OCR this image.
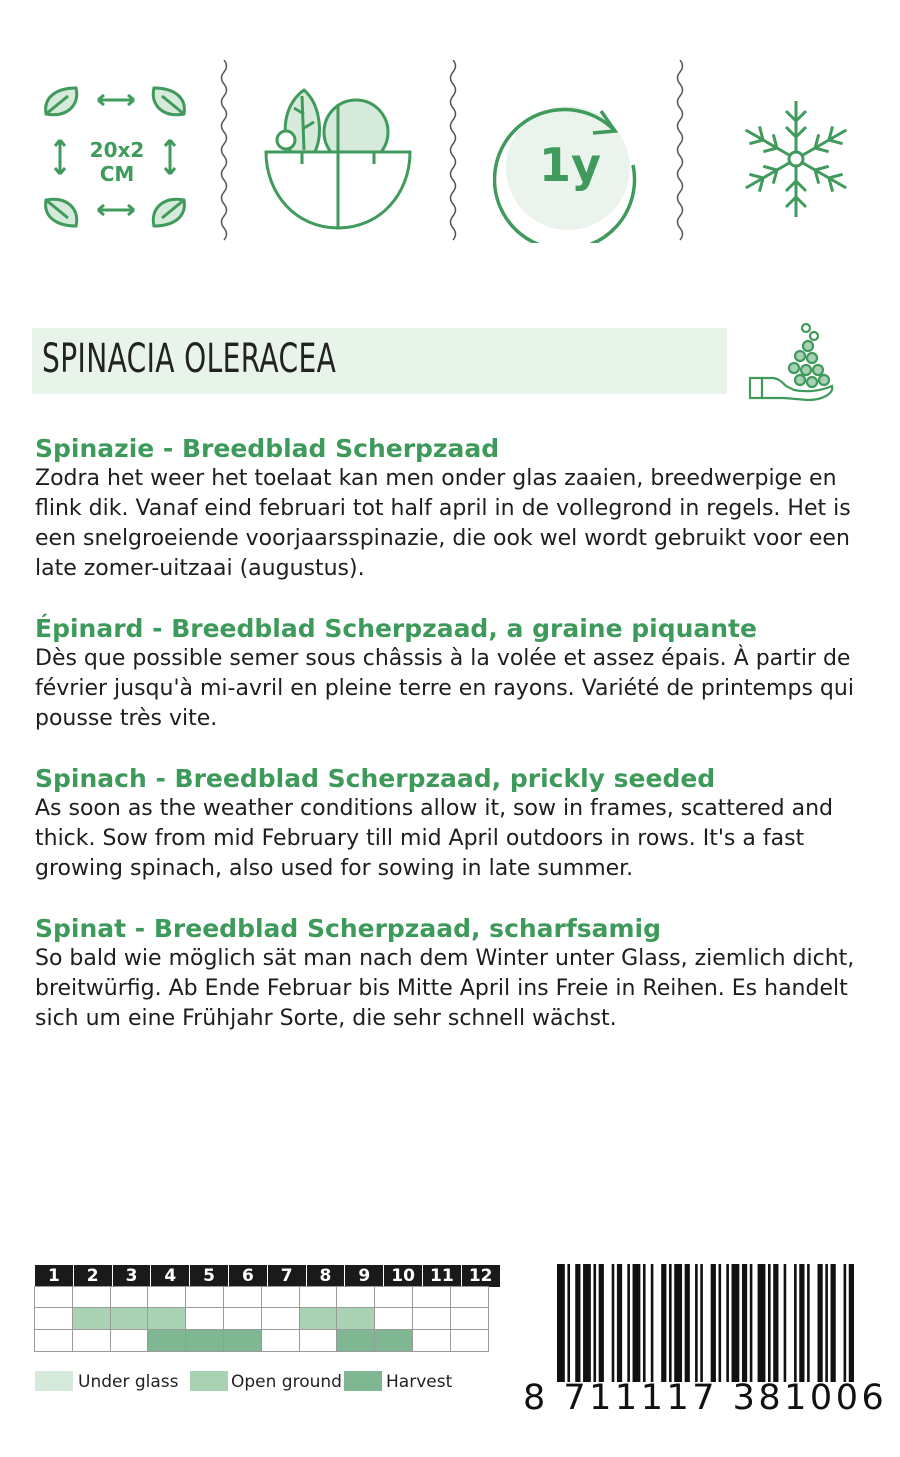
20x2
CM	1y
SPINACIA OLERACEA
Spinazie - Breedblad Scherpzaad

Zodra het weer het toelaat kan men onder glas zaaien, breedwerpige en flink dik. Vanaf eind februari tot half april in de vollegrond in regels. Het is een snelgroeiende voorjaarsspinazie, die ook wel wordt gebruikt voor een late zomer-uitzaai (augustus).

Épinard - Breedblad Scherpzaad, a graine piquante

Dès que possible semer sous châssis à la volée et assez épais. À partir de février jusqu'à mi-avril en pleine terre en rayons. Variété de printemps qui pousse très vite.

Spinach - Breedblad Scherpzaad, prickly seeded

As soon as the weather conditions allow it, sow in frames, scattered and thick. Sow from mid February till mid April outdoors in rows. It's a fast growing spinach, also used for sowing in late summer.

Spinat - Breedblad Scherpzaad, scharfsamig

So bald wie möglich sät man nach dem Winter unter Glass, ziemlich dicht, breitwürfig. Ab Ende Februar bis Mitte April ins Freie in Reihen. Es handelt sich um eine Frühjahr Sorte, die sehr schnell wächst.

1	2	3	4	5	6	7	8	9	10 11 12
Under glass	Open ground	Harvest 8 711117 381006
